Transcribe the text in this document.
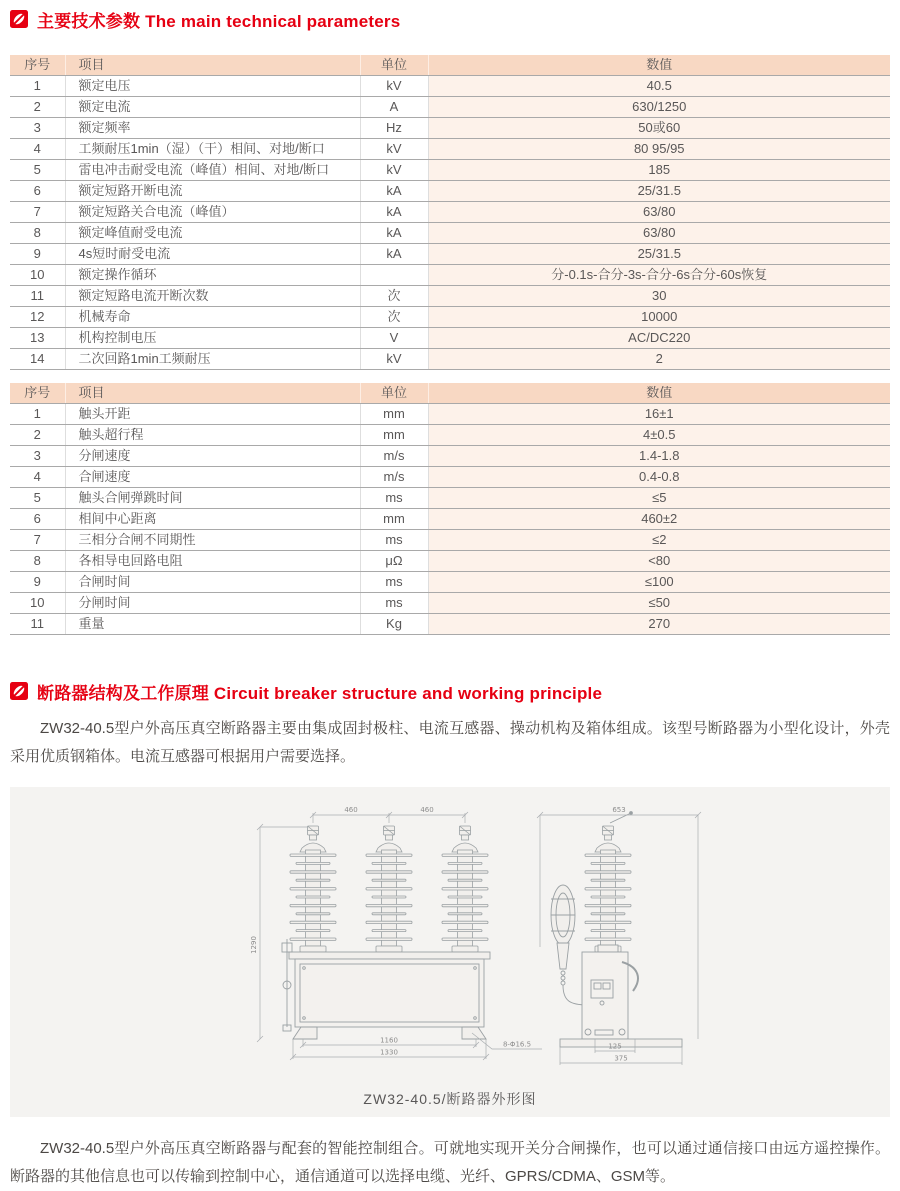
主要技术参数 The main technical parameters
序号	项目	单位	数值
1	额定电压	kV	40.5
2	额定电流	A	630/1250
3	额定频率	Hz	50或60
4	工频耐压1min（湿）（干）相间、对地/断口	kV	80 95/95
5	雷电冲击耐受电流（峰值）相间、对地/断口	kV	185
6	额定短路开断电流	kA	25/31.5
7	额定短路关合电流（峰值）	kA	63/80
8	额定峰值耐受电流	kA	63/80
9	4s短时耐受电流	kA	25/31.5
10	额定操作循环		分-0.1s-合分-3s-合分-6s合分-60s恢复
11	额定短路电流开断次数	次	30
12	机械寿命	次	10000
13	机构控制电压	V	AC/DC220
14	二次回路1min工频耐压	kV	2
序号	项目	单位	数值
1	触头开距	mm	16±1
2	触头超行程	mm	4±0.5
3	分闸速度	m/s	1.4-1.8
4	合闸速度	m/s	0.4-0.8
5	触头合闸弹跳时间	ms	≤5
6	相间中心距离	mm	460±2
7	三相分合闸不同期性	ms	≤2
8	各相导电回路电阻	μΩ	<80
9	合闸时间	ms	≤100
10	分闸时间	ms	≤50
11	重量	Kg	270
断路器结构及工作原理 Circuit breaker structure and working principle

ZW32-40.5型户外高压真空断路器主要由集成固封极柱、电流互感器、操动机构及箱体组成。该型号断路器为小型化设计，外壳采用优质钢箱体。电流互感器可根据用户需要选择。

460	460	653
1290
1160
1330
8-Φ16.5	125
375
ZW32-40.5/断路器外形图

ZW32-40.5型户外高压真空断路器与配套的智能控制组合。可就地实现开关分合闸操作，也可以通过通信接口由远方遥控操作。断路器的其他信息也可以传输到控制中心，通信通道可以选择电缆、光纤、GPRS/CDMA、GSM等。
